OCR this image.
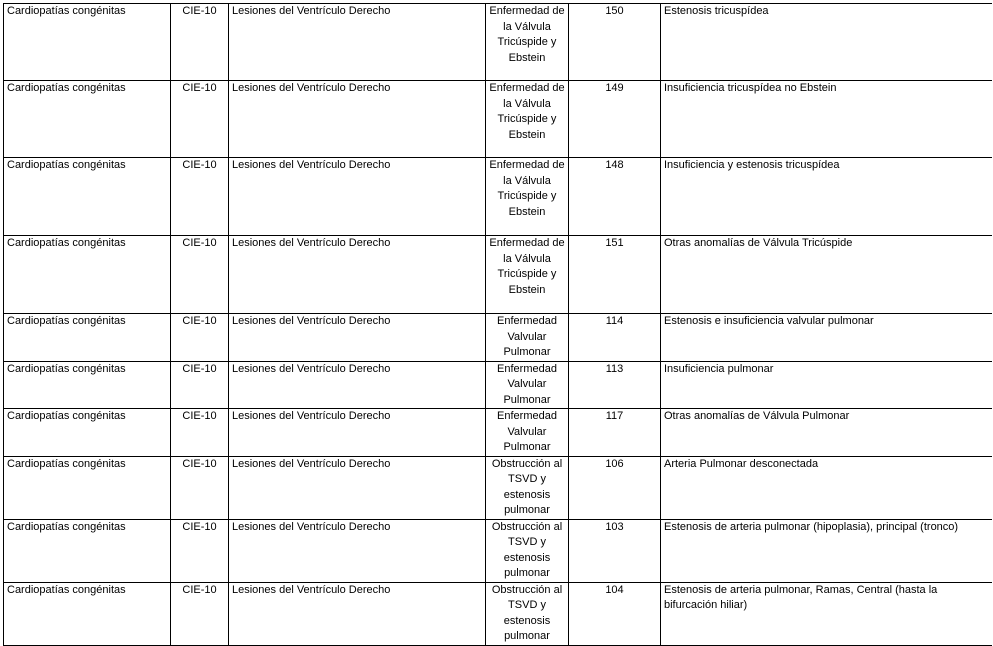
Cardiopatías congénitas	CIE-10	Lesiones del Ventrículo Derecho	Enfermedad de la Válvula Tricúspide y Ebstein	150	Estenosis tricuspídea
Cardiopatías congénitas	CIE-10	Lesiones del Ventrículo Derecho	Enfermedad de la Válvula Tricúspide y Ebstein	149	Insuficiencia tricuspídea no Ebstein
Cardiopatías congénitas	CIE-10	Lesiones del Ventrículo Derecho	Enfermedad de la Válvula Tricúspide y Ebstein	148	Insuficiencia y estenosis tricuspídea
Cardiopatías congénitas	CIE-10	Lesiones del Ventrículo Derecho	Enfermedad de la Válvula Tricúspide y Ebstein	151	Otras anomalías de Válvula Tricúspide
Cardiopatías congénitas	CIE-10	Lesiones del Ventrículo Derecho	Enfermedad Valvular Pulmonar	114	Estenosis e insuficiencia valvular pulmonar
Cardiopatías congénitas	CIE-10	Lesiones del Ventrículo Derecho	Enfermedad Valvular Pulmonar	113	Insuficiencia pulmonar
Cardiopatías congénitas	CIE-10	Lesiones del Ventrículo Derecho	Enfermedad Valvular Pulmonar	117	Otras anomalías de Válvula Pulmonar
Cardiopatías congénitas	CIE-10	Lesiones del Ventrículo Derecho	Obstrucción al TSVD y estenosis pulmonar	106	Arteria Pulmonar desconectada
Cardiopatías congénitas	CIE-10	Lesiones del Ventrículo Derecho	Obstrucción al TSVD y estenosis pulmonar	103	Estenosis de arteria pulmonar (hipoplasia), principal (tronco)
Cardiopatías congénitas	CIE-10	Lesiones del Ventrículo Derecho	Obstrucción al TSVD y estenosis pulmonar	104	Estenosis de arteria pulmonar, Ramas, Central (hasta la bifurcación hiliar)
